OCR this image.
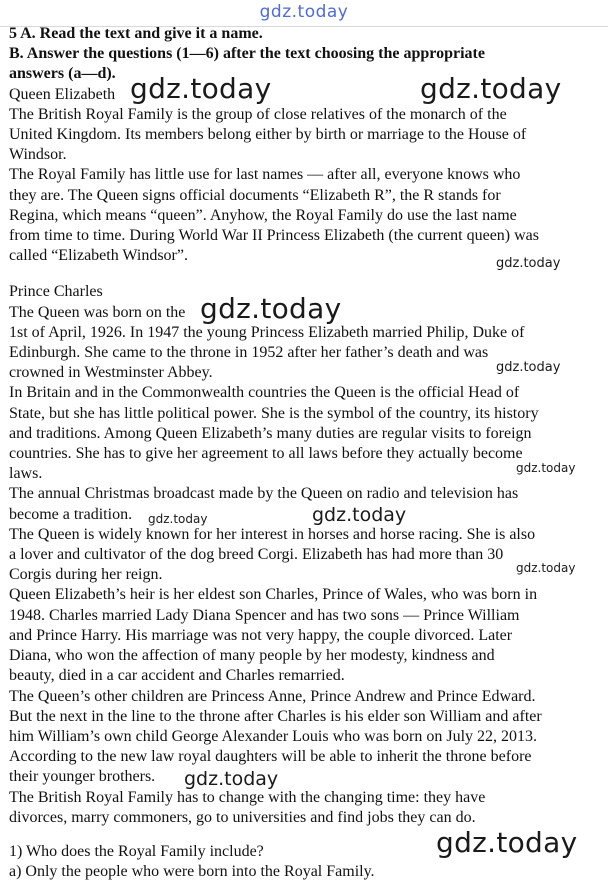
gdz.today
5 A. Read the text and give it a name.
B. Answer the questions (1—6) after the text choosing the appropriate
answers (a—d).
Queen Elizabeth
The British Royal Family is the group of close relatives of the monarch of the
United Kingdom. Its members belong either by birth or marriage to the House of
Windsor.
The Royal Family has little use for last names — after all, everyone knows who
they are. The Queen signs official documents “Elizabeth R”, the R stands for
Regina, which means “queen”. Anyhow, the Royal Family do use the last name
from time to time. During World War II Princess Elizabeth (the current queen) was
called “Elizabeth Windsor”.
Prince Charles
The Queen was born on the
1st of April, 1926. In 1947 the young Princess Elizabeth married Philip, Duke of
Edinburgh. She came to the throne in 1952 after her father’s death and was
crowned in Westminster Abbey.
In Britain and in the Commonwealth countries the Queen is the official Head of
State, but she has little political power. She is the symbol of the country, its history
and traditions. Among Queen Elizabeth’s many duties are regular visits to foreign
countries. She has to give her agreement to all laws before they actually become
laws.
The annual Christmas broadcast made by the Queen on radio and television has
become a tradition.
The Queen is widely known for her interest in horses and horse racing. She is also
a lover and cultivator of the dog breed Corgi. Elizabeth has had more than 30
Corgis during her reign.
Queen Elizabeth’s heir is her eldest son Charles, Prince of Wales, who was born in
1948. Charles married Lady Diana Spencer and has two sons — Prince William
and Prince Harry. His marriage was not very happy, the couple divorced. Later
Diana, who won the affection of many people by her modesty, kindness and
beauty, died in a car accident and Charles remarried.
The Queen’s other children are Princess Anne, Prince Andrew and Prince Edward.
But the next in the line to the throne after Charles is his elder son William and after
him William’s own child George Alexander Louis who was born on July 22, 2013.
According to the new law royal daughters will be able to inherit the throne before
their younger brothers.
The British Royal Family has to change with the changing time: they have
divorces, marry commoners, go to universities and find jobs they can do.
1) Who does the Royal Family include?
a) Only the people who were born into the Royal Family.
gdz.today	gdz.today
gdz.today
gdz.today
gdz.today
gdz.today
gdz.today	gdz.today
gdz.today
gdz.today
gdz.today
